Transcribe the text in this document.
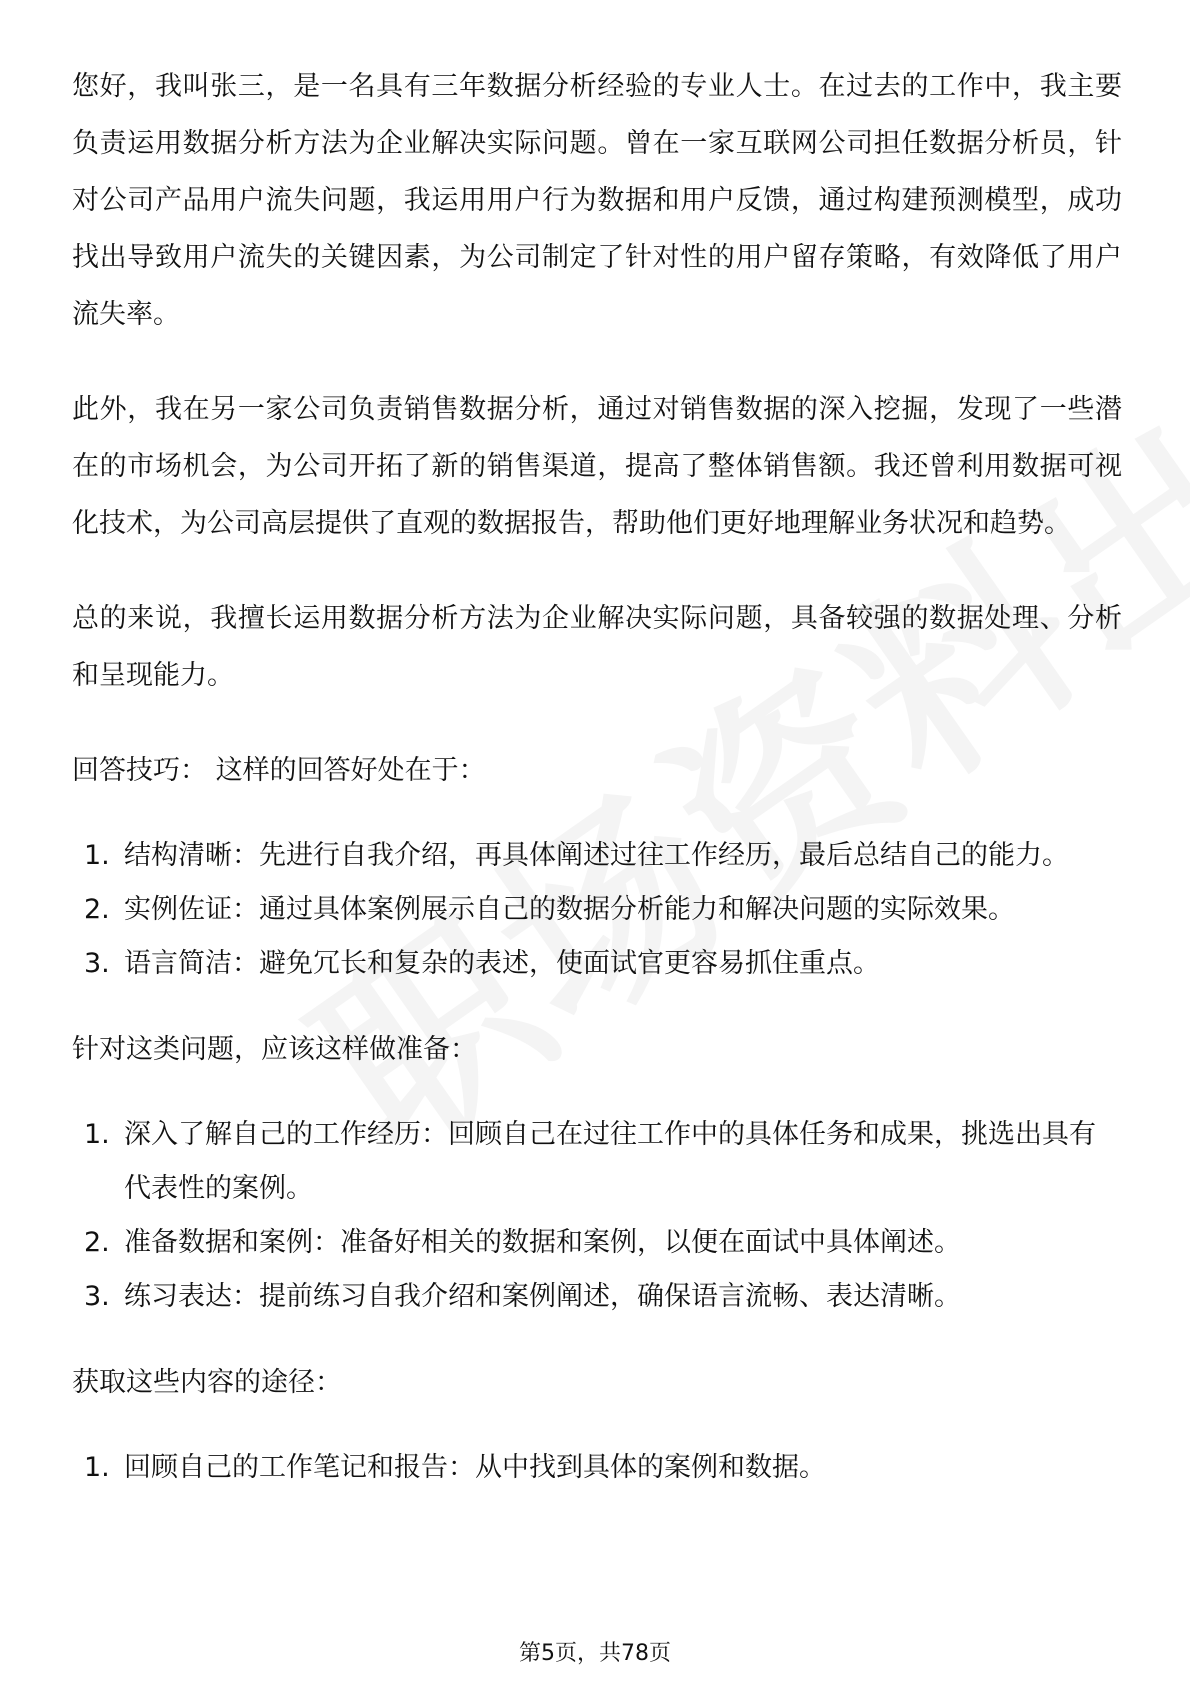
您好，我叫张三，是一名具有三年数据分析经验的专业人士。在过去的工作中，我主要负责运用数据分析方法为企业解决实际问题。曾在一家互联网公司担任数据分析员，针对公司产品用户流失问题，我运用用户行为数据和用户反馈，通过构建预测模型，成功找出导致用户流失的关键因素，为公司制定了针对性的用户留存策略，有效降低了用户流失率。

此外，我在另一家公司负责销售数据分析，通过对销售数据的深入挖掘，发现了一些潜在的市场机会，为公司开拓了新的销售渠道，提高了整体销售额。我还曾利用数据可视化技术，为公司高层提供了直观的数据报告，帮助他们更好地理解业务状况和趋势。

总的来说，我擅长运用数据分析方法为企业解决实际问题，具备较强的数据处理、分析和呈现能力。

回答技巧： 这样的回答好处在于：

1. 结构清晰：先进行自我介绍，再具体阐述过往工作经历，最后总结自己的能力。
2. 实例佐证：通过具体案例展示自己的数据分析能力和解决问题的实际效果。
3. 语言简洁：避免冗长和复杂的表述，使面试官更容易抓住重点。

针对这类问题，应该这样做准备：

1. 深入了解自己的工作经历：回顾自己在过往工作中的具体任务和成果，挑选出具有代表性的案例。
2. 准备数据和案例：准备好相关的数据和案例，以便在面试中具体阐述。
3. 练习表达：提前练习自我介绍和案例阐述，确保语言流畅、表达清晰。

获取这些内容的途径：

1. 回顾自己的工作笔记和报告：从中找到具体的案例和数据。
第5页，共78页
